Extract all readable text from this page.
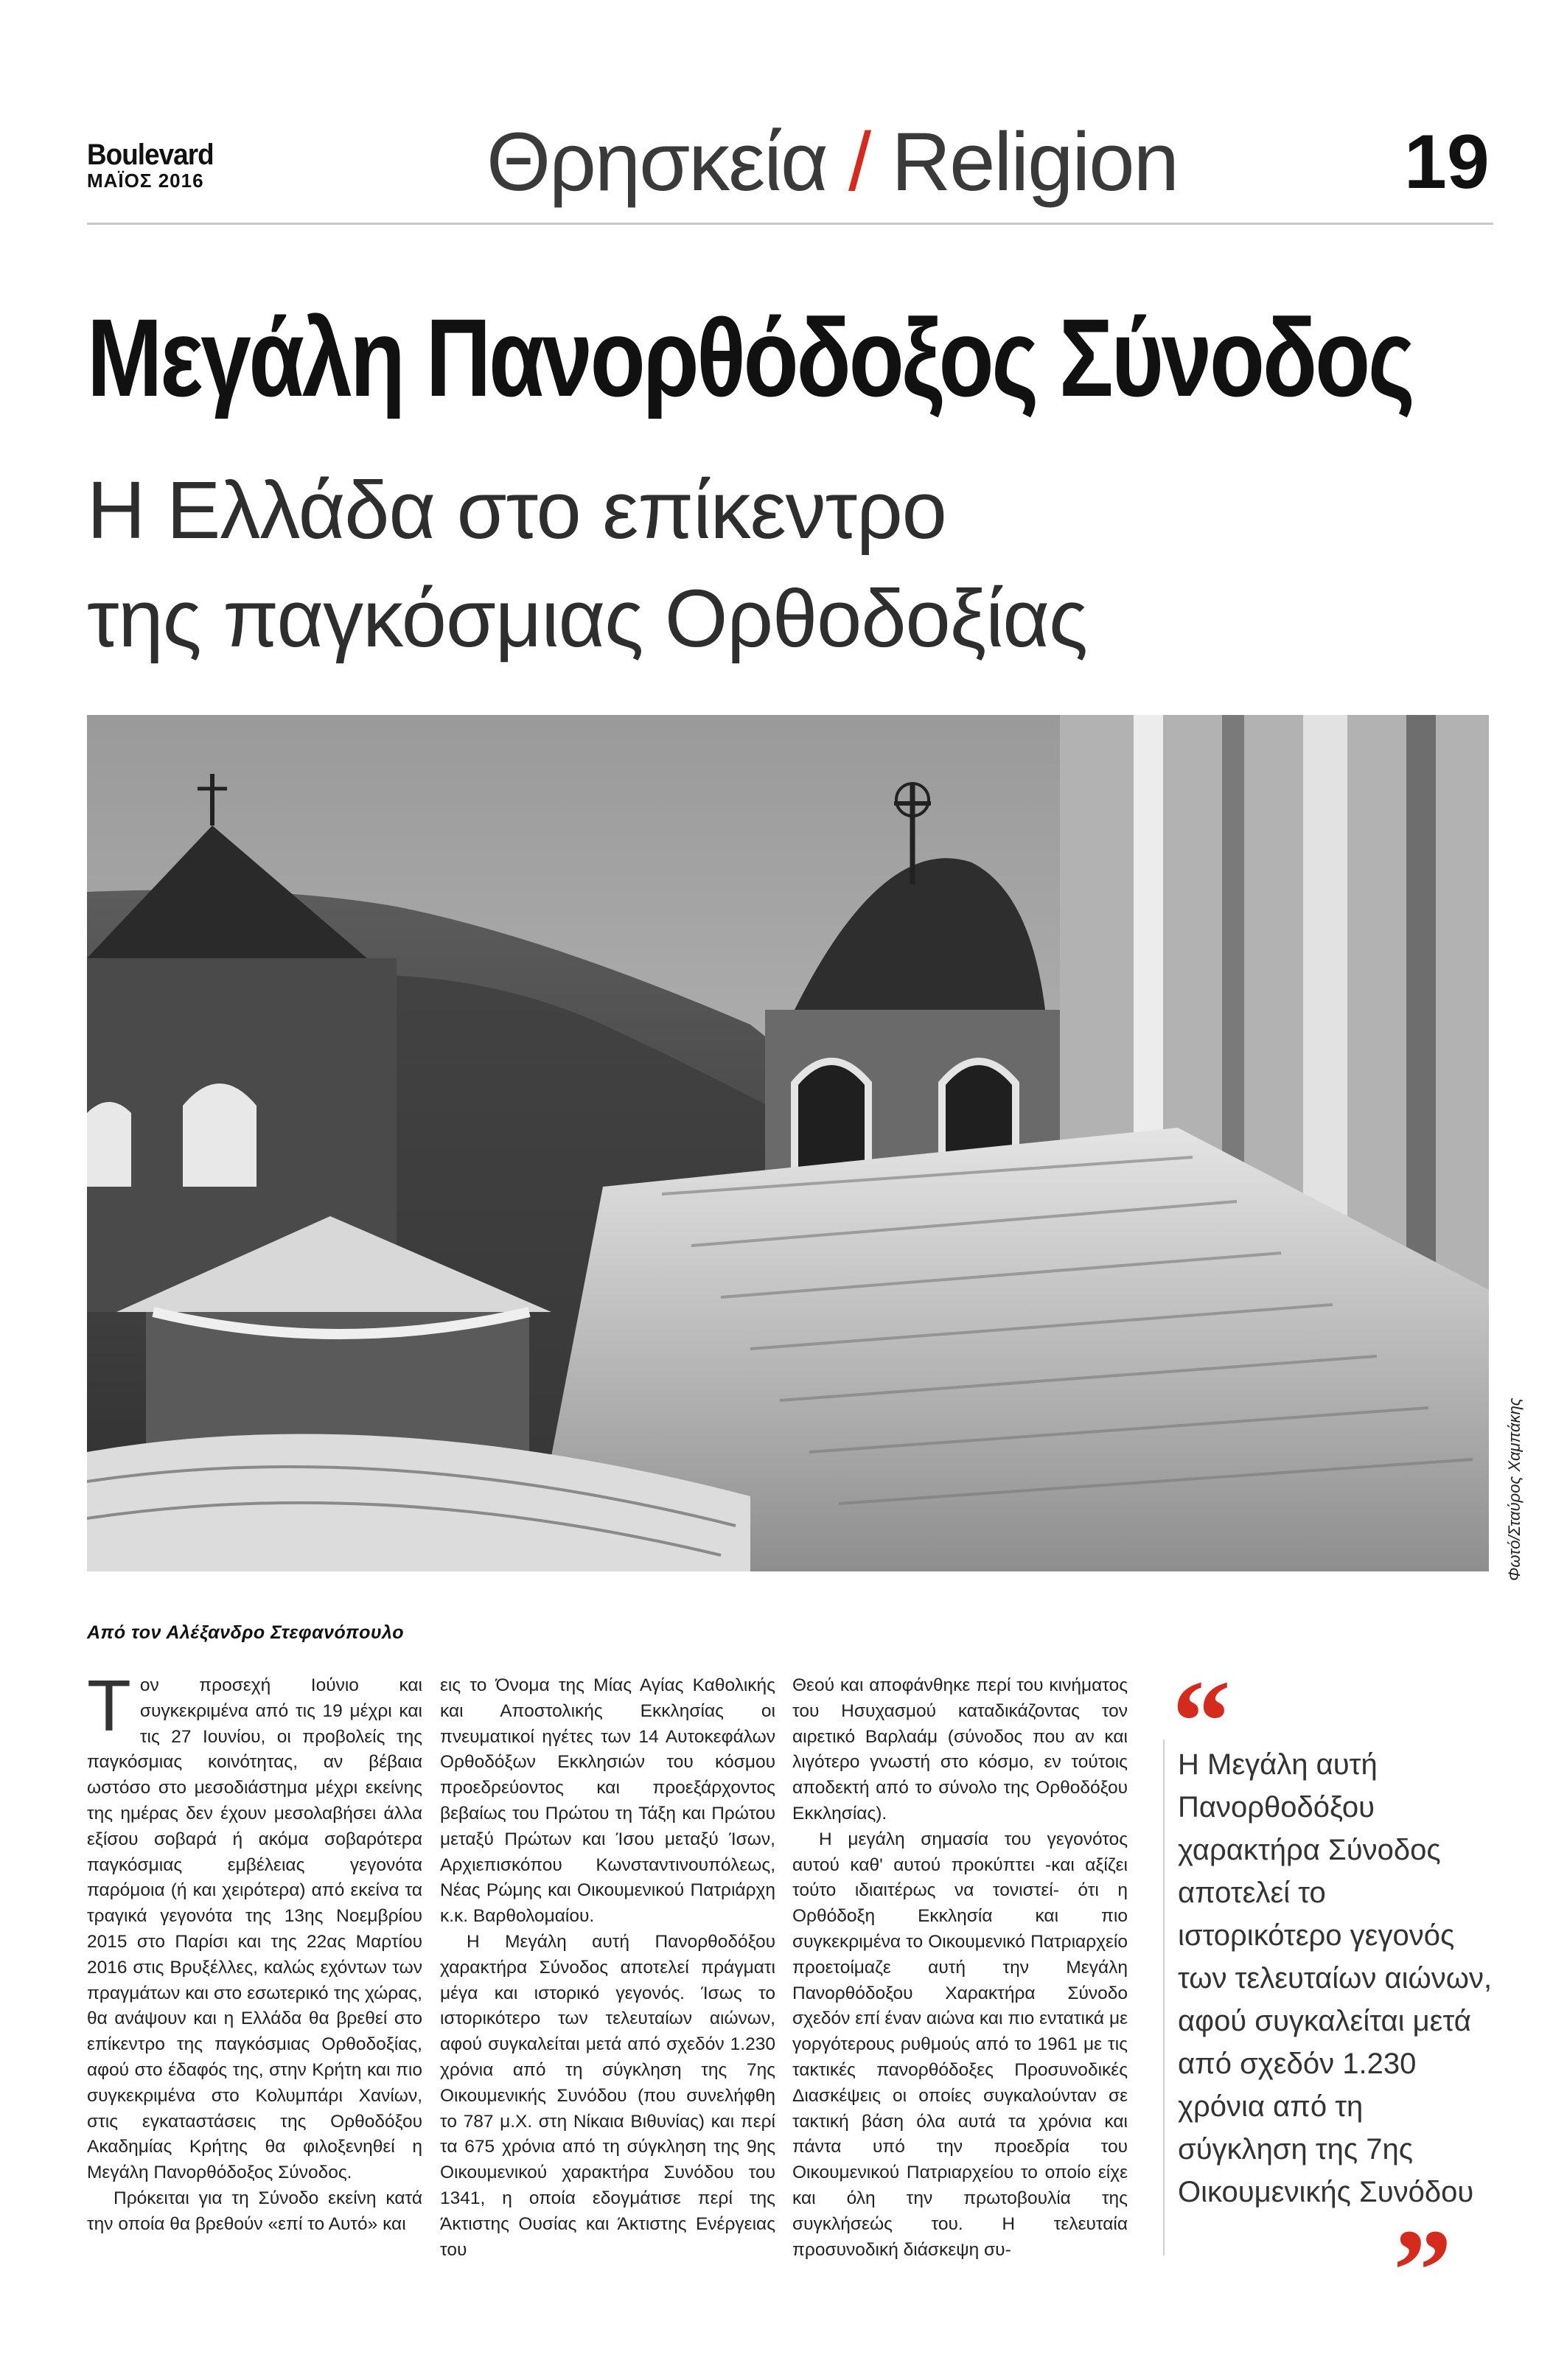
Boulevard
ΜΑΪΟΣ 2016	Θρησκεία / Religion	19
Μεγάλη Πανορθόδοξος Σύνοδος
Η Ελλάδα στο επίκεντρο
της παγκόσμιας Ορθοδοξίας
Φωτό/Σταύρος Χαμπάκης
Από τον Αλέξανδρο Στεφανόπουλο

Τον προσεχή Ιούνιο και συγκεκριμένα από τις 19 μέχρι και τις 27 Ιουνίου, οι προβολείς της παγκόσμιας κοινότητας, αν βέβαια ωστόσο στο μεσοδιάστημα μέχρι εκείνης της ημέρας δεν έχουν μεσολαβήσει άλλα εξίσου σοβαρά ή ακόμα σοβαρότερα παγκόσμιας εμβέλειας γεγονότα παρόμοια (ή και χειρότερα) από εκείνα τα τραγικά γεγονότα της 13ης Νοεμβρίου 2015 στο Παρίσι και της 22ας Μαρτίου 2016 στις Βρυξέλλες, καλώς εχόντων των πραγμάτων και στο εσωτερικό της χώρας, θα ανάψουν και η Ελλάδα θα βρεθεί στο επίκεντρο της παγκόσμιας Ορθοδοξίας, αφού στο έδαφός της, στην Κρήτη και πιο συγκεκριμένα στο Κολυμπάρι Χανίων, στις εγκαταστάσεις της Ορθοδόξου Ακαδημίας Κρήτης θα φιλοξενηθεί η Μεγάλη Πανορθόδοξος Σύνοδος.

Πρόκειται για τη Σύνοδο εκείνη κατά την οποία θα βρεθούν «επί το Αυτό» και

εις το Όνομα της Μίας Αγίας Καθολικής και Αποστολικής Εκκλησίας οι πνευματικοί ηγέτες των 14 Αυτοκεφάλων Ορθοδόξων Εκκλησιών του κόσμου προεδρεύοντος και προεξάρχοντος βεβαίως του Πρώτου τη Τάξη και Πρώτου μεταξύ Πρώτων και Ίσου μεταξύ Ίσων, Αρχιεπισκόπου Κωνσταντινουπόλεως, Νέας Ρώμης και Οικουμενικού Πατριάρχη κ.κ. Βαρθολομαίου.

Η Μεγάλη αυτή Πανορθοδόξου χαρακτήρα Σύνοδος αποτελεί πράγματι μέγα και ιστορικό γεγονός. Ίσως το ιστορικότερο των τελευταίων αιώνων, αφού συγκαλείται μετά από σχεδόν 1.230 χρόνια από τη σύγκληση της 7ης Οικουμενικής Συνόδου (που συνελήφθη το 787 μ.Χ. στη Νίκαια Βιθυνίας) και περί τα 675 χρόνια από τη σύγκληση της 9ης Οικουμενικού χαρακτήρα Συνόδου του 1341, η οποία εδογμάτισε περί της Άκτιστης Ουσίας και Άκτιστης Ενέργειας του

Θεού και αποφάνθηκε περί του κινήματος του Ησυχασμού καταδικάζοντας τον αιρετικό Βαρλαάμ (σύνοδος που αν και λιγότερο γνωστή στο κόσμο, εν τούτοις αποδεκτή από το σύνολο της Ορθοδόξου Εκκλησίας).

Η μεγάλη σημασία του γεγονότος αυτού καθ' αυτού προκύπτει -και αξίζει τούτο ιδιαιτέρως να τονιστεί- ότι η Ορθόδοξη Εκκλησία και πιο συγκεκριμένα το Οικουμενικό Πατριαρχείο προετοίμαζε αυτή την Μεγάλη Πανορθόδοξου Χαρακτήρα Σύνοδο σχεδόν επί έναν αιώνα και πιο εντατικά με γοργότερους ρυθμούς από το 1961 με τις τακτικές πανορθόδοξες Προσυνοδικές Διασκέψεις οι οποίες συγκαλούνταν σε τακτική βάση όλα αυτά τα χρόνια και πάντα υπό την προεδρία του Οικουμενικού Πατριαρχείου το οποίο είχε και όλη την πρωτοβουλία της συγκλήσεώς του. Η τελευταία προσυνοδική διάσκεψη συ-

“
Η Μεγάλη αυτή Πανορθοδόξου χαρακτήρα Σύνοδος αποτελεί το ιστορικότερο γεγονός των τελευταίων αιώνων, αφού συγκαλείται μετά από σχεδόν 1.230 χρόνια από τη σύγκληση της 7ης Οικουμενικής Συνόδου
”
